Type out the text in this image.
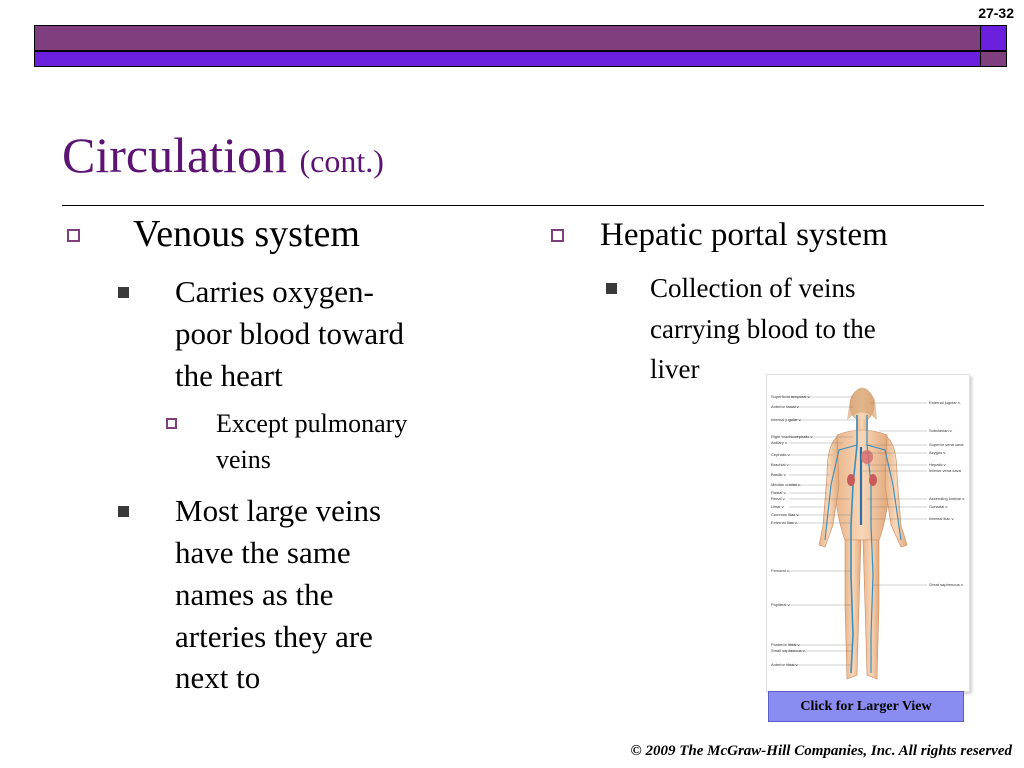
27-32
Circulation (cont.)
Venous system
Carries oxygen-
poor blood toward
the heart
Except pulmonary
veins
Most large veins
have the same
names as the
arteries they are
next to
Hepatic portal system
Collection of veins
carrying blood to the
liver
Superficial temporal v.
Anterior facial v.
Internal jugular v.
Right brachiocephalic v.
Axillary v.
Cephalic v.
Brachial v.
Basilic v.
Median cubital v.
Radial v.
Renal v.
Ulnar v.
Common iliac v.
External iliac v.
Femoral v.
Popliteal v.
Posterior tibial v.
Small saphenous v.
Anterior tibial v.
External jugular v.
Subclavian v.
Superior vena cava
Azygos v.
Hepatic v.
Inferior vena cava
Ascending lumbar v.
Gonadal v.
Internal iliac v.
Great saphenous v.
Click for Larger View
© 2009 The McGraw-Hill Companies, Inc. All rights reserved
